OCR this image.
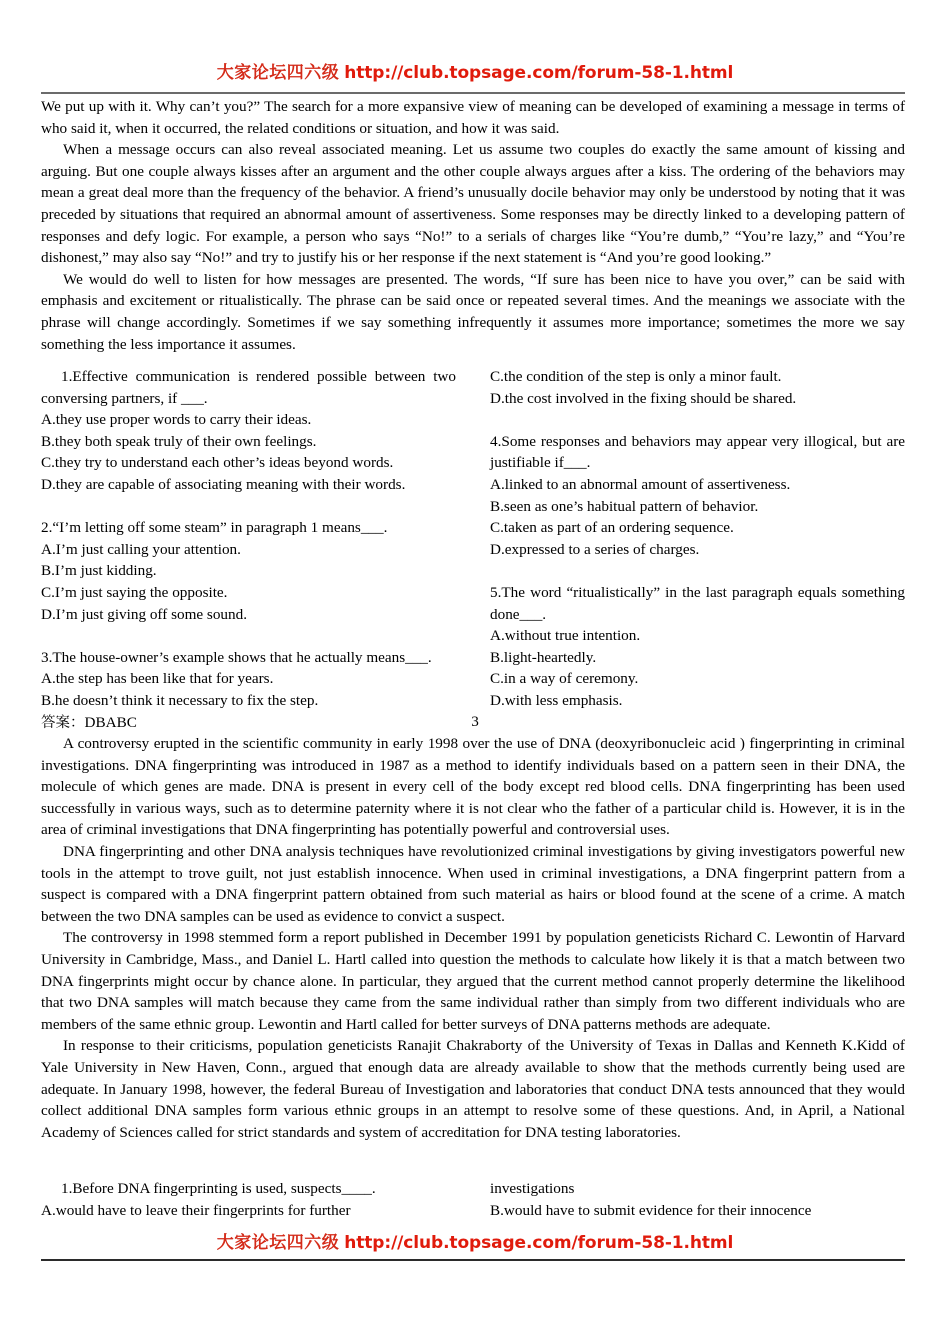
大家论坛四六级 http://club.topsage.com/forum-58-1.html

We put up with it. Why can’t you?” The search for a more expansive view of meaning can be developed of examining a message in terms of who said it, when it occurred, the related conditions or situation, and how it was said.

When a message occurs can also reveal associated meaning. Let us assume two couples do exactly the same amount of kissing and arguing. But one couple always kisses after an argument and the other couple always argues after a kiss. The ordering of the behaviors may mean a great deal more than the frequency of the behavior. A friend’s unusually docile behavior may only be understood by noting that it was preceded by situations that required an abnormal amount of assertiveness. Some responses may be directly linked to a developing pattern of responses and defy logic. For example, a person who says “No!” to a serials of charges like “You’re dumb,” “You’re lazy,” and “You’re dishonest,” may also say “No!” and try to justify his or her response if the next statement is “And you’re good looking.”

We would do well to listen for how messages are presented. The words, “If sure has been nice to have you over,” can be said with emphasis and excitement or ritualistically. The phrase can be said once or repeated several times. And the meanings we associate with the phrase will change accordingly. Sometimes if we say something infrequently it assumes more importance; sometimes the more we say something the less importance it assumes.

1.Effective communication is rendered possible between two conversing partners, if ___.
A.they use proper words to carry their ideas.
B.they both speak truly of their own feelings.
C.they try to understand each other’s ideas beyond words.
D.they are capable of associating meaning with their words.
2.“I’m letting off some steam” in paragraph 1 means___.
A.I’m just calling your attention.
B.I’m just kidding.
C.I’m just saying the opposite.
D.I’m just giving off some sound.
3.The house-owner’s example shows that he actually means___.
A.the step has been like that for years.
B.he doesn’t think it necessary to fix the step.
答案：DBABC
C.the condition of the step is only a minor fault.
D.the cost involved in the fixing should be shared.
4.Some responses and behaviors may appear very illogical, but are justifiable if___.
A.linked to an abnormal amount of assertiveness.
B.seen as one’s habitual pattern of behavior.
C.taken as part of an ordering sequence.
D.expressed to a series of charges.
5.The word “ritualistically” in the last paragraph equals something done___.
A.without true intention.
B.light-heartedly.
C.in a way of ceremony.
D.with less emphasis.
3

A controversy erupted in the scientific community in early 1998 over the use of DNA (deoxyribonucleic acid ) fingerprinting in criminal investigations. DNA fingerprinting was introduced in 1987 as a method to identify individuals based on a pattern seen in their DNA, the molecule of which genes are made. DNA is present in every cell of the body except red blood cells. DNA fingerprinting has been used successfully in various ways, such as to determine paternity where it is not clear who the father of a particular child is. However, it is in the area of criminal investigations that DNA fingerprinting has potentially powerful and controversial uses.

DNA fingerprinting and other DNA analysis techniques have revolutionized criminal investigations by giving investigators powerful new tools in the attempt to trove guilt, not just establish innocence. When used in criminal investigations, a DNA fingerprint pattern from a suspect is compared with a DNA fingerprint pattern obtained from such material as hairs or blood found at the scene of a crime. A match between the two DNA samples can be used as evidence to convict a suspect.

The controversy in 1998 stemmed form a report published in December 1991 by population geneticists Richard C. Lewontin of Harvard University in Cambridge, Mass., and Daniel L. Hartl called into question the methods to calculate how likely it is that a match between two DNA fingerprints might occur by chance alone. In particular, they argued that the current method cannot properly determine the likelihood that two DNA samples will match because they came from the same individual rather than simply from two different individuals who are members of the same ethnic group. Lewontin and Hartl called for better surveys of DNA patterns methods are adequate.

In response to their criticisms, population geneticists Ranajit Chakraborty of the University of Texas in Dallas and Kenneth K.Kidd of Yale University in New Haven, Conn., argued that enough data are already available to show that the methods currently being used are adequate. In January 1998, however, the federal Bureau of Investigation and laboratories that conduct DNA tests announced that they would collect additional DNA samples form various ethnic groups in an attempt to resolve some of these questions. And, in April, a National Academy of Sciences called for strict standards and system of accreditation for DNA testing laboratories.

1.Before DNA fingerprinting is used, suspects____.
A.would have to leave their fingerprints for further
investigations
B.would have to submit evidence for their innocence
大家论坛四六级 http://club.topsage.com/forum-58-1.html
